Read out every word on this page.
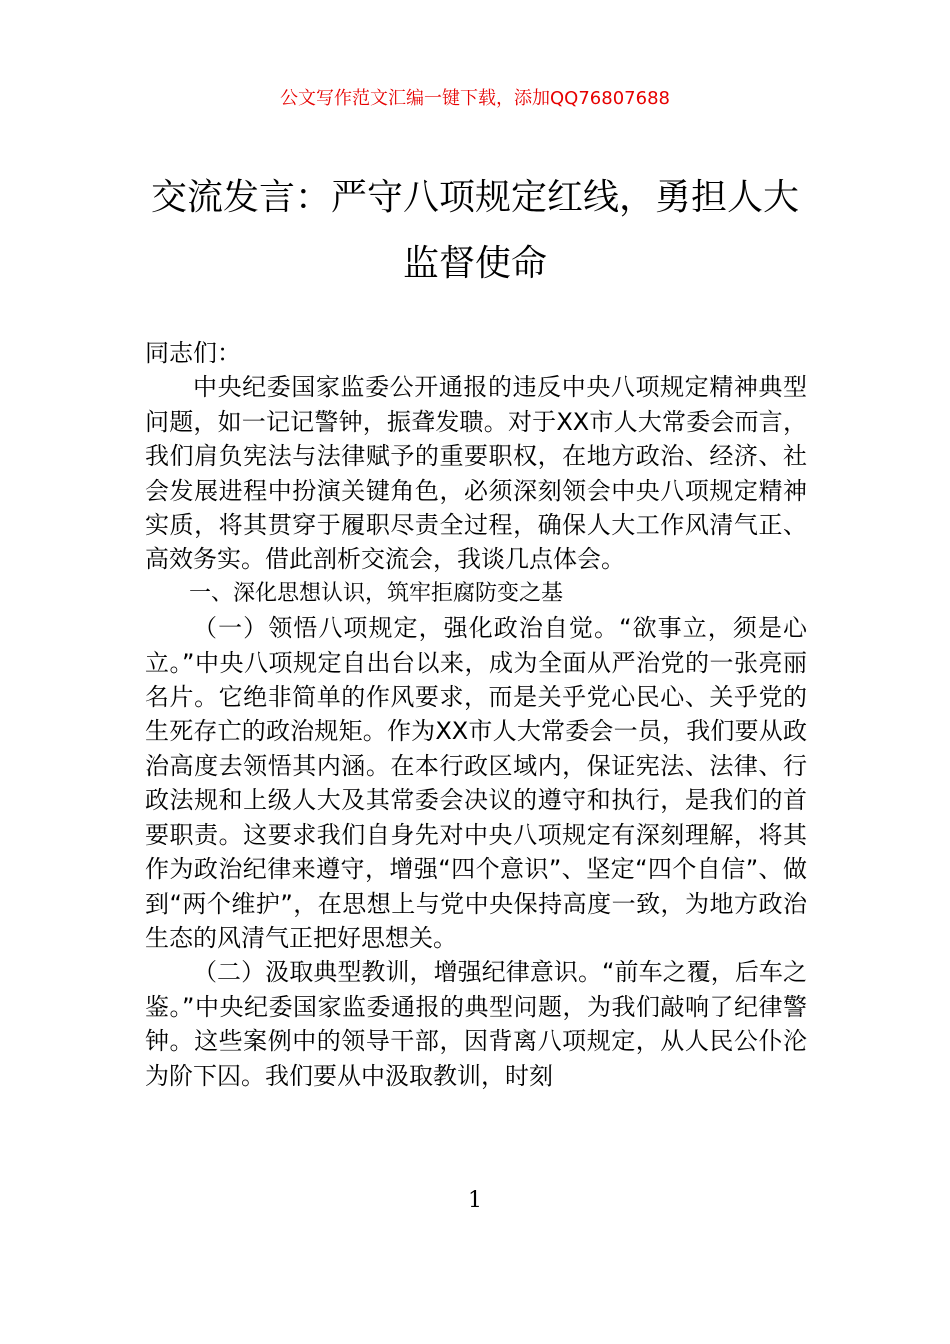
公文写作范文汇编一键下载，添加QQ76807688
交流发言：严守八项规定红线，勇担人大监督使命

同志们：

中央纪委国家监委公开通报的违反中央八项规定精神典型问题，如一记记警钟，振聋发聩。对于XX市人大常委会而言，我们肩负宪法与法律赋予的重要职权，在地方政治、经济、社会发展进程中扮演关键角色，必须深刻领会中央八项规定精神实质，将其贯穿于履职尽责全过程，确保人大工作风清气正、高效务实。借此剖析交流会，我谈几点体会。

一、深化思想认识，筑牢拒腐防变之基

（一）领悟八项规定，强化政治自觉。“欲事立，须是心立。”中央八项规定自出台以来，成为全面从严治党的一张亮丽名片。它绝非简单的作风要求，而是关乎党心民心、关乎党的生死存亡的政治规矩。作为XX市人大常委会一员，我们要从政治高度去领悟其内涵。在本行政区域内，保证宪法、法律、行政法规和上级人大及其常委会决议的遵守和执行，是我们的首要职责。这要求我们自身先对中央八项规定有深刻理解，将其作为政治纪律来遵守，增强“四个意识”、坚定“四个自信”、做到“两个维护”，在思想上与党中央保持高度一致，为地方政治生态的风清气正把好思想关。

（二）汲取典型教训，增强纪律意识。“前车之覆，后车之鉴。”中央纪委国家监委通报的典型问题，为我们敲响了纪律警钟。这些案例中的领导干部，因背离八项规定，从人民公仆沦为阶下囚。我们要从中汲取教训，时刻

1
